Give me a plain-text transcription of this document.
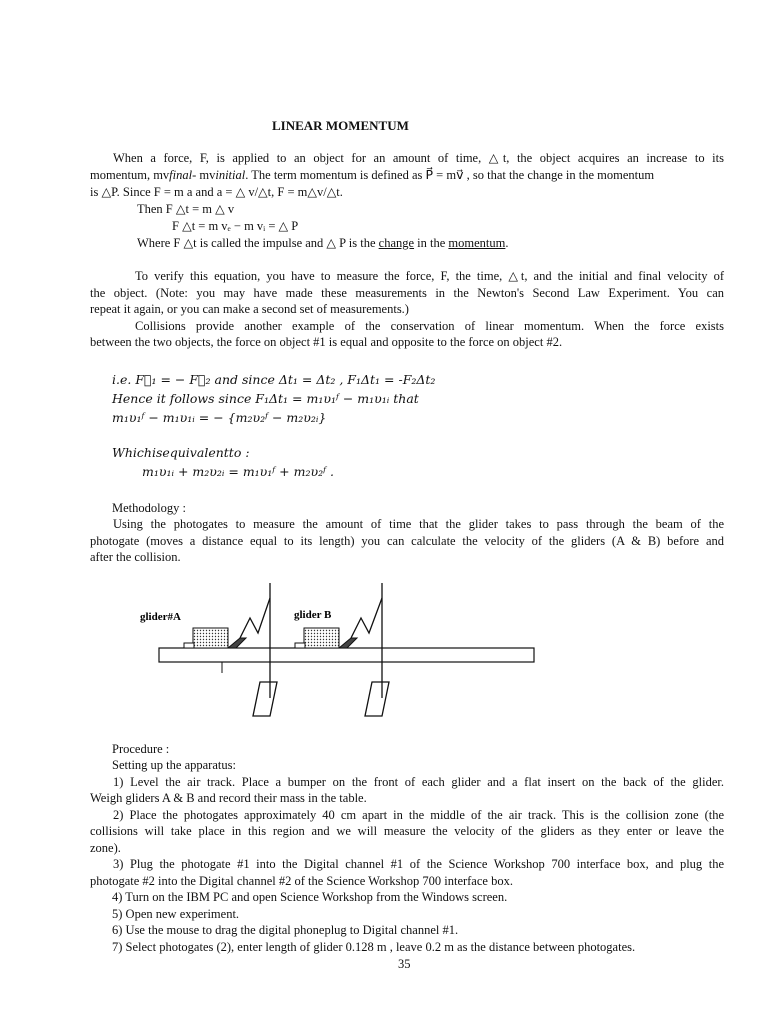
LINEAR MOMENTUM
When a force, F, is applied to an object for an amount of time, △t, the object acquires an increase to its
momentum, mvfinal- mvinitial. The term momentum is defined as P⃗ = mv⃗ , so that the change in the momentum
is △P. Since F = m a and a = △ v/△t, F = m△v/△t.
Then F △t = m △ v
F △t = m vₑ − m vᵢ = △ P
Where F △t is called the impulse and △ P is the change in the momentum.
To verify this equation, you have to measure the force, F, the time, △t, and the initial and final velocity of
the object. (Note: you may have made these measurements in the Newton's Second Law Experiment. You can
repeat it again, or you can make a second set of measurements.)
Collisions provide another example of the conservation of linear momentum. When the force exists
between the two objects, the force on object #1 is equal and opposite to the force on object #2.
i.e. F⃗₁ = − F⃗₂ and since Δt₁ = Δt₂ , F₁Δt₁ = -F₂Δt₂
Hence it follows since F₁Δt₁ = m₁υ₁ᶠ − m₁υ₁ᵢ that
m₁υ₁ᶠ − m₁υ₁ᵢ = − {m₂υ₂ᶠ − m₂υ₂ᵢ}
Whichisequivalentto :
m₁υ₁ᵢ + m₂υ₂ᵢ = m₁υ₁ᶠ + m₂υ₂ᶠ .
Methodology :
Using the photogates to measure the amount of time that the glider takes to pass through the beam of the
photogate (moves a distance equal to its length) you can calculate the velocity of the gliders (A & B) before and
after the collision.
glider#A	glider B
Procedure :
Setting up the apparatus:
1) Level the air track. Place a bumper on the front of each glider and a flat insert on the back of the glider.
Weigh gliders A & B and record their mass in the table.
2) Place the photogates approximately 40 cm apart in the middle of the air track. This is the collision zone (the
collisions will take place in this region and we will measure the velocity of the gliders as they enter or leave the
zone).
3) Plug the photogate #1 into the Digital channel #1 of the Science Workshop 700 interface box, and plug the
photogate #2 into the Digital channel #2 of the Science Workshop 700 interface box.
4) Turn on the IBM PC and open Science Workshop from the Windows screen.
5) Open new experiment.
6) Use the mouse to drag the digital phoneplug to Digital channel #1.
7) Select photogates (2), enter length of glider 0.128 m , leave 0.2 m as the distance between photogates.
35
